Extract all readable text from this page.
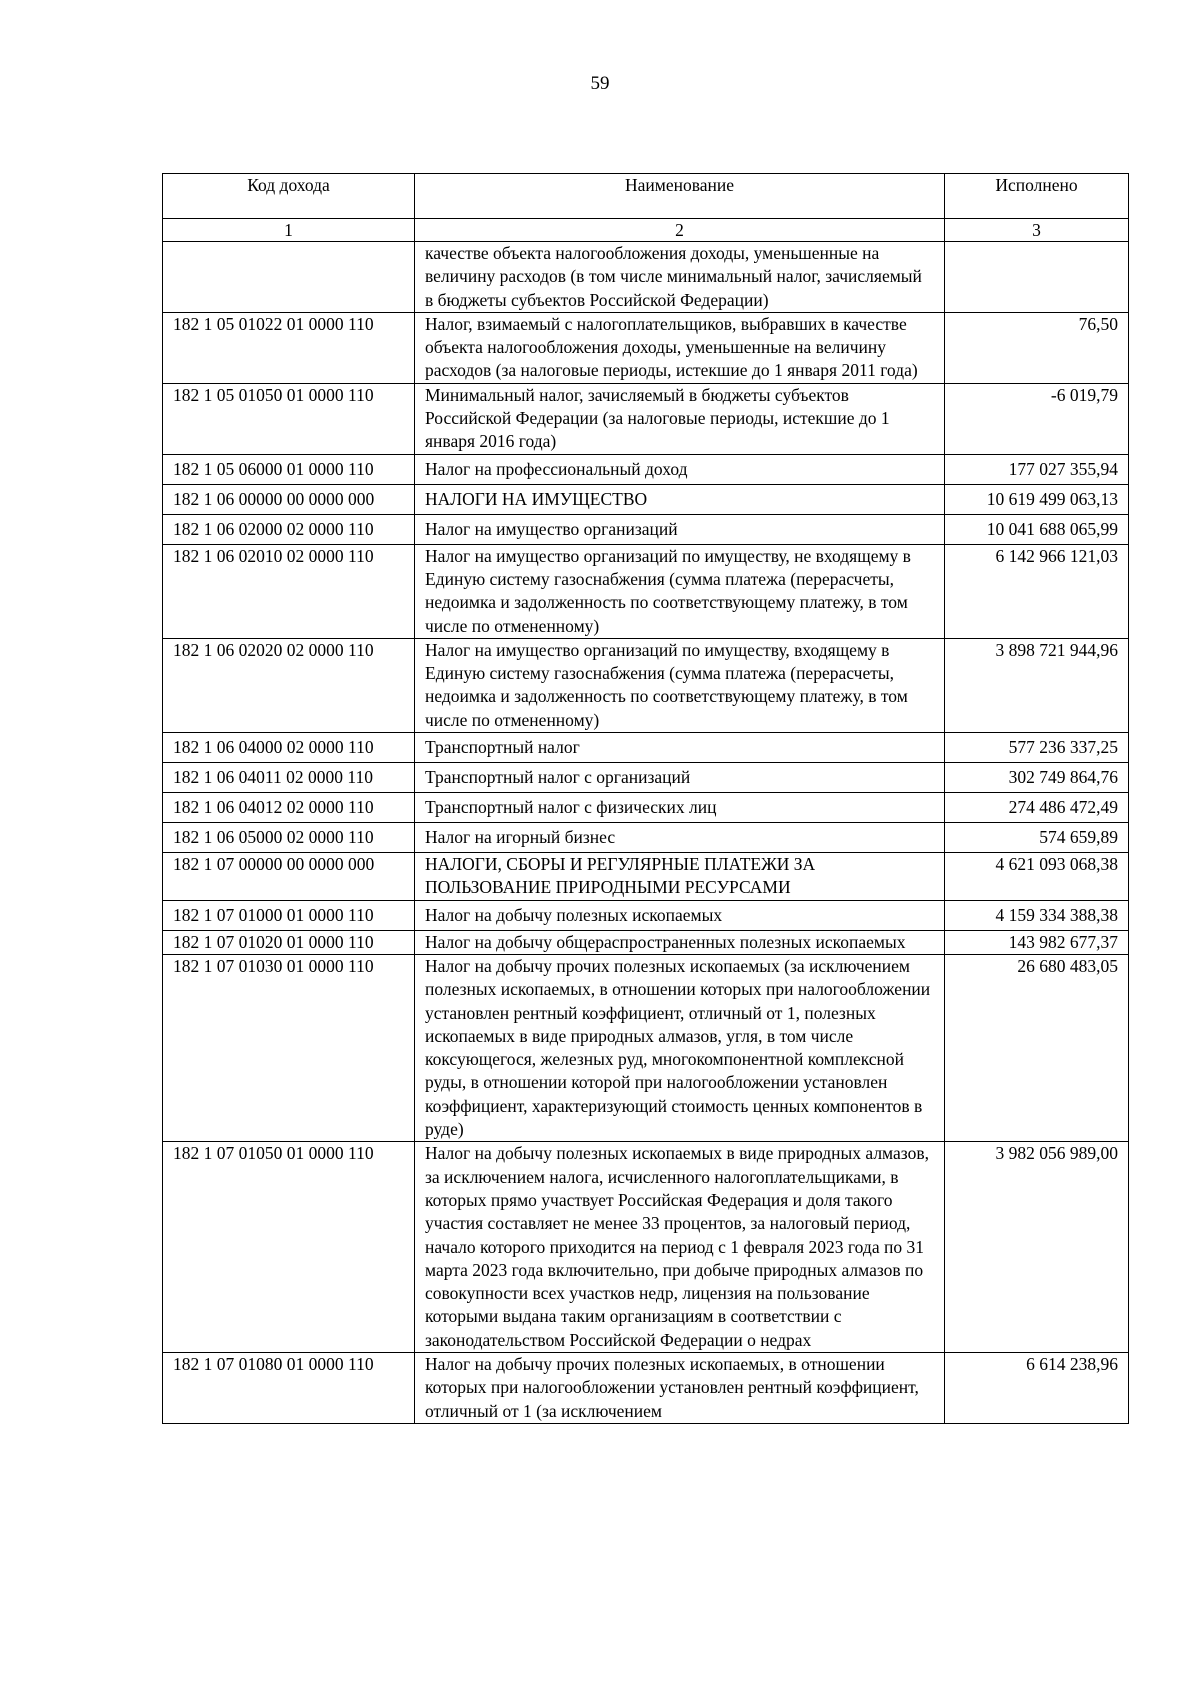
59
Код дохода	Наименование	Исполнено
1	2	3
	качестве объекта налогообложения доходы, уменьшенные на величину расходов (в том числе минимальный налог, зачисляемый в бюджеты субъектов Российской Федерации)	
182 1 05 01022 01 0000 110	Налог, взимаемый с налогоплательщиков, выбравших в качестве объекта налогообложения доходы, уменьшенные на величину расходов (за налоговые периоды, истекшие до 1 января 2011 года)	76,50
182 1 05 01050 01 0000 110	Минимальный налог, зачисляемый в бюджеты субъектов Российской Федерации (за налоговые периоды, истекшие до 1 января 2016 года)	-6 019,79
182 1 05 06000 01 0000 110	Налог на профессиональный доход	177 027 355,94
182 1 06 00000 00 0000 000	НАЛОГИ НА ИМУЩЕСТВО	10 619 499 063,13
182 1 06 02000 02 0000 110	Налог на имущество организаций	10 041 688 065,99
182 1 06 02010 02 0000 110	Налог на имущество организаций по имуществу, не входящему в Единую систему газоснабжения (сумма платежа (перерасчеты, недоимка и задолженность по соответствующему платежу, в том числе по отмененному)	6 142 966 121,03
182 1 06 02020 02 0000 110	Налог на имущество организаций по имуществу, входящему в Единую систему газоснабжения (сумма платежа (перерасчеты, недоимка и задолженность по соответствующему платежу, в том числе по отмененному)	3 898 721 944,96
182 1 06 04000 02 0000 110	Транспортный налог	577 236 337,25
182 1 06 04011 02 0000 110	Транспортный налог с организаций	302 749 864,76
182 1 06 04012 02 0000 110	Транспортный налог с физических лиц	274 486 472,49
182 1 06 05000 02 0000 110	Налог на игорный бизнес	574 659,89
182 1 07 00000 00 0000 000	НАЛОГИ, СБОРЫ И РЕГУЛЯРНЫЕ ПЛАТЕЖИ ЗА ПОЛЬЗОВАНИЕ ПРИРОДНЫМИ РЕСУРСАМИ	4 621 093 068,38
182 1 07 01000 01 0000 110	Налог на добычу полезных ископаемых	4 159 334 388,38
182 1 07 01020 01 0000 110	Налог на добычу общераспространенных полезных ископаемых	143 982 677,37
182 1 07 01030 01 0000 110	Налог на добычу прочих полезных ископаемых (за исключением полезных ископаемых, в отношении которых при налогообложении установлен рентный коэффициент, отличный от 1, полезных ископаемых в виде природных алмазов, угля, в том числе коксующегося, железных руд, многокомпонентной комплексной руды, в отношении которой при налогообложении установлен коэффициент, характеризующий стоимость ценных компонентов в руде)	26 680 483,05
182 1 07 01050 01 0000 110	Налог на добычу полезных ископаемых в виде природных алмазов, за исключением налога, исчисленного налогоплательщиками, в которых прямо участвует Российская Федерация и доля такого участия составляет не менее 33 процентов, за налоговый период, начало которого приходится на период с 1 февраля 2023 года по 31 марта 2023 года включительно, при добыче природных алмазов по совокупности всех участков недр, лицензия на пользование которыми выдана таким организациям в соответствии с законодательством Российской Федерации о недрах	3 982 056 989,00
182 1 07 01080 01 0000 110	Налог на добычу прочих полезных ископаемых, в отношении которых при налогообложении установлен рентный коэффициент, отличный от 1 (за исключением	6 614 238,96
